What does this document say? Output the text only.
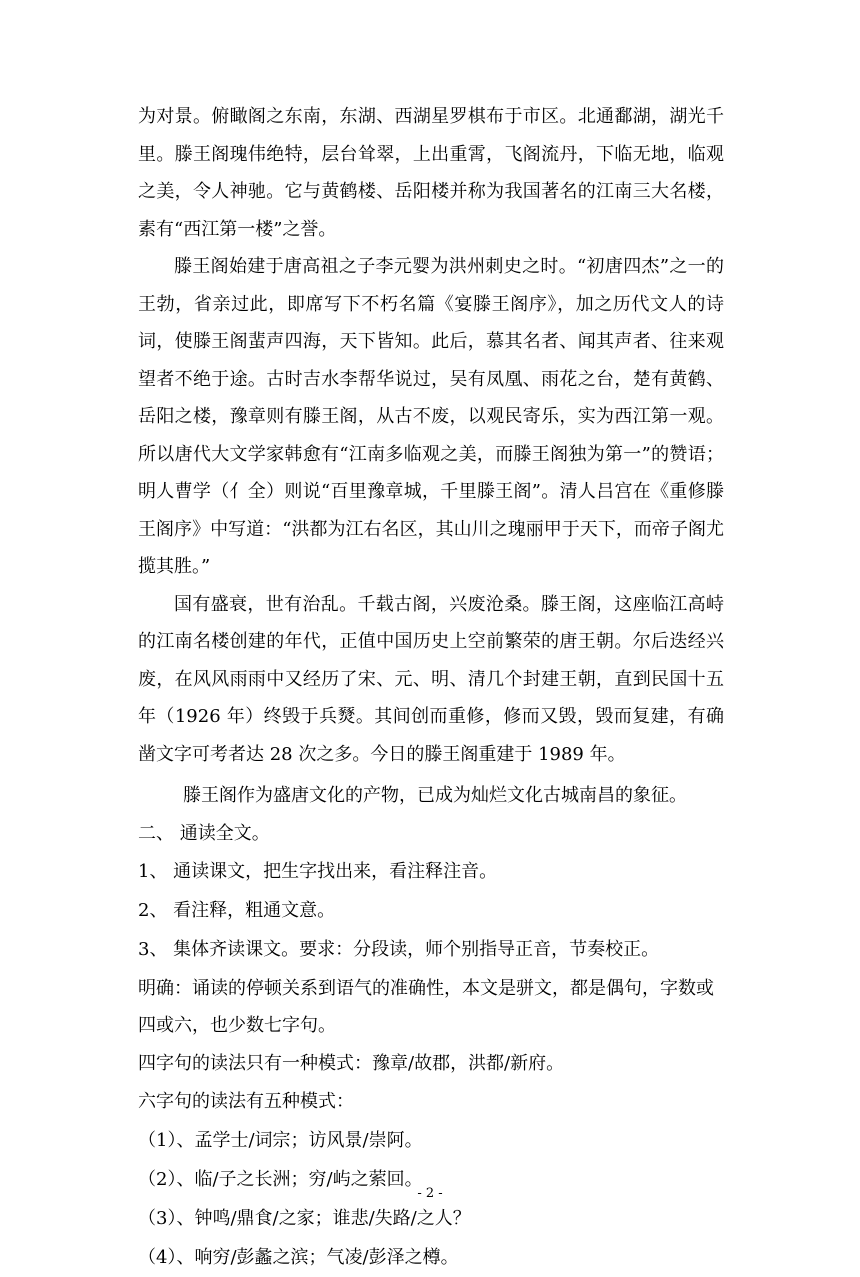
为对景。俯瞰阁之东南，东湖、西湖星罗棋布于市区。北通鄱湖，湖光千里。滕王阁瑰伟绝特，层台耸翠，上出重霄，飞阁流丹，下临无地，临观之美，令人神驰。它与黄鹤楼、岳阳楼并称为我国著名的江南三大名楼，素有“西江第一楼”之誉。

滕王阁始建于唐高祖之子李元婴为洪州刺史之时。“初唐四杰”之一的王勃，省亲过此，即席写下不朽名篇《宴滕王阁序》，加之历代文人的诗词，使滕王阁蜚声四海，天下皆知。此后，慕其名者、闻其声者、往来观望者不绝于途。古时吉水李帮华说过，吴有凤凰、雨花之台，楚有黄鹤、岳阳之楼，豫章则有滕王阁，从古不废，以观民寄乐，实为西江第一观。所以唐代大文学家韩愈有“江南多临观之美，而滕王阁独为第一”的赞语；明人曹学（亻全）则说“百里豫章城，千里滕王阁”。清人吕宫在《重修滕王阁序》中写道：“洪都为江右名区，其山川之瑰丽甲于天下，而帝子阁尤揽其胜。”

国有盛衰，世有治乱。千载古阁，兴废沧桑。滕王阁，这座临江高峙的江南名楼创建的年代，正值中国历史上空前繁荣的唐王朝。尔后迭经兴废，在风风雨雨中又经历了宋、元、明、清几个封建王朝，直到民国十五年（1926 年）终毁于兵燹。其间创而重修，修而又毁，毁而复建，有确凿文字可考者达 28 次之多。今日的滕王阁重建于 1989 年。

滕王阁作为盛唐文化的产物，已成为灿烂文化古城南昌的象征。

二、 通读全文。

1、 通读课文，把生字找出来，看注释注音。

2、 看注释，粗通文意。

3、 集体齐读课文。要求：分段读，师个别指导正音，节奏校正。

明确：诵读的停顿关系到语气的准确性，本文是骈文，都是偶句，字数或四或六，也少数七字句。

四字句的读法只有一种模式：豫章/故郡，洪都/新府。

六字句的读法有五种模式：

（1）、孟学士/词宗；访风景/崇阿。

（2）、临/子之长洲；穷/屿之萦回。

（3）、钟鸣/鼎食/之家；谁悲/失路/之人？

（4）、响穷/彭蠡之滨；气凌/彭泽之樽。

- 2 -
